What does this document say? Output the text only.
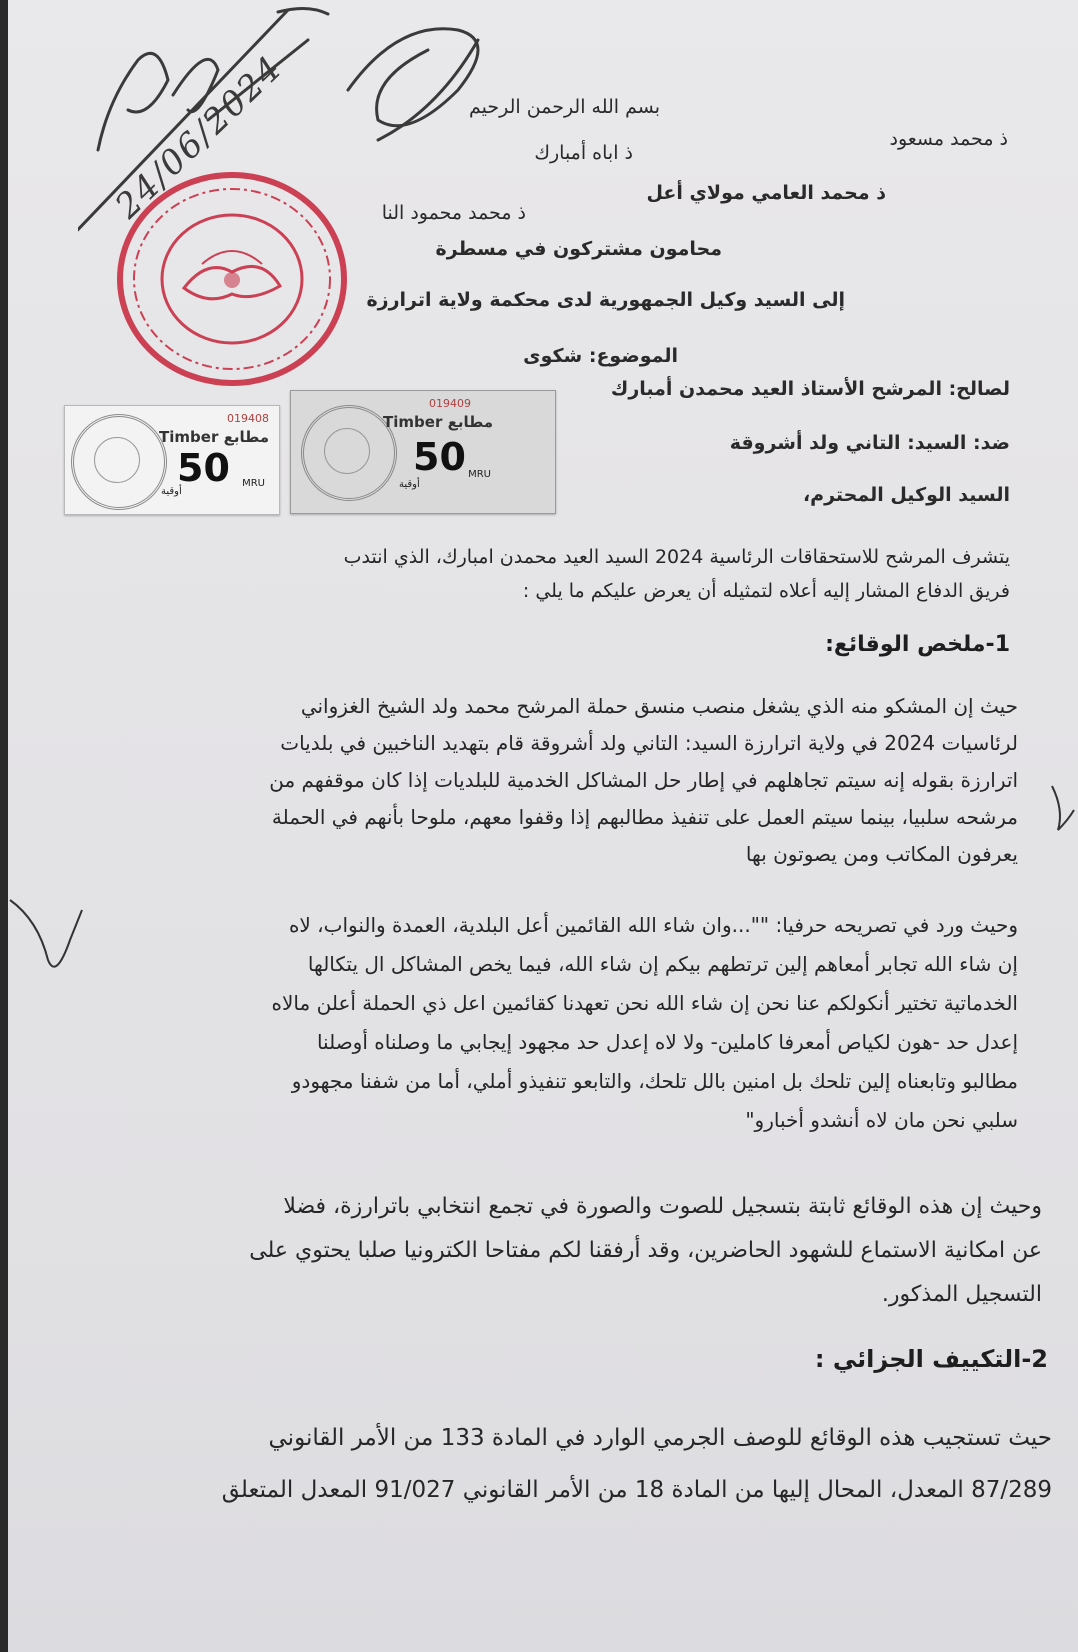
بسم الله الرحمن الرحيم
ذ محمد مسعود
ذ اباه أمبارك
ذ محمد العامي مولاي أعل
ذ محمد محمود النا
محامون مشتركون في مسطرة
إلى السيد وكيل الجمهورية لدى محكمة ولاية اترارزة
الموضوع: شكوى
لصالح: المرشح الأستاذ العيد محمدن أمبارك
ضد: السيد: التاني ولد أشروقة
السيد الوكيل المحترم،
يتشرف المرشح للاستحقاقات الرئاسية 2024 السيد العيد محمدن امبارك، الذي انتدب
فريق الدفاع المشار إليه أعلاه لتمثيله أن يعرض عليكم ما يلي :
1-ملخص الوقائع:
حيث إن المشكو منه الذي يشغل منصب منسق حملة المرشح محمد ولد الشيخ الغزواني
لرئاسيات 2024 في ولاية اترارزة السيد: التاني ولد أشروقة قام بتهديد الناخبين في بلديات
اترارزة بقوله إنه سيتم تجاهلهم في إطار حل المشاكل الخدمية للبلديات إذا كان موقفهم من
مرشحه سلبيا، بينما سيتم العمل على تنفيذ مطالبهم إذا وقفوا معهم، ملوحا بأنهم في الحملة
يعرفون المكاتب ومن يصوتون بها
وحيث ورد في تصريحه حرفيا: ""...وان شاء الله القائمين أعل البلدية، العمدة والنواب، لاه
إن شاء الله تجابر أمعاهم إلين ترتطهم بيكم إن شاء الله، فيما يخص المشاكل ال يتكالها
الخدماتية تختير أنكولكم عنا نحن إن شاء الله نحن تعهدنا كقائمين اعل ذي الحملة أعلن مالاه
إعدل حد -هون لكياص أمعرفا كاملين- ولا لاه إعدل حد مجهود إيجابي ما وصلناه أوصلنا
مطالبو وتابعناه إلين تلحك بل امنين بالل تلحك، والتابعو تنفيذو أملي، أما من شفنا مجهودو
سلبي نحن مان لاه أنشدو أخبارو"
وحيث إن هذه الوقائع ثابتة بتسجيل للصوت والصورة في تجمع انتخابي باترارزة، فضلا
عن امكانية الاستماع للشهود الحاضرين، وقد أرفقنا لكم مفتاحا الكترونيا صلبا يحتوي على
التسجيل المذكور.
2-التكييف الجزائي :
حيث تستجيب هذه الوقائع للوصف الجرمي الوارد في المادة 133 من الأمر القانوني
87/289 المعدل، المحال إليها من المادة 18 من الأمر القانوني 91/027 المعدل المتعلق
019408
Timber مطابع
50 MRU
أوقية
019409
Timber مطابع
50 MRU
أوقية
24/06/2024
